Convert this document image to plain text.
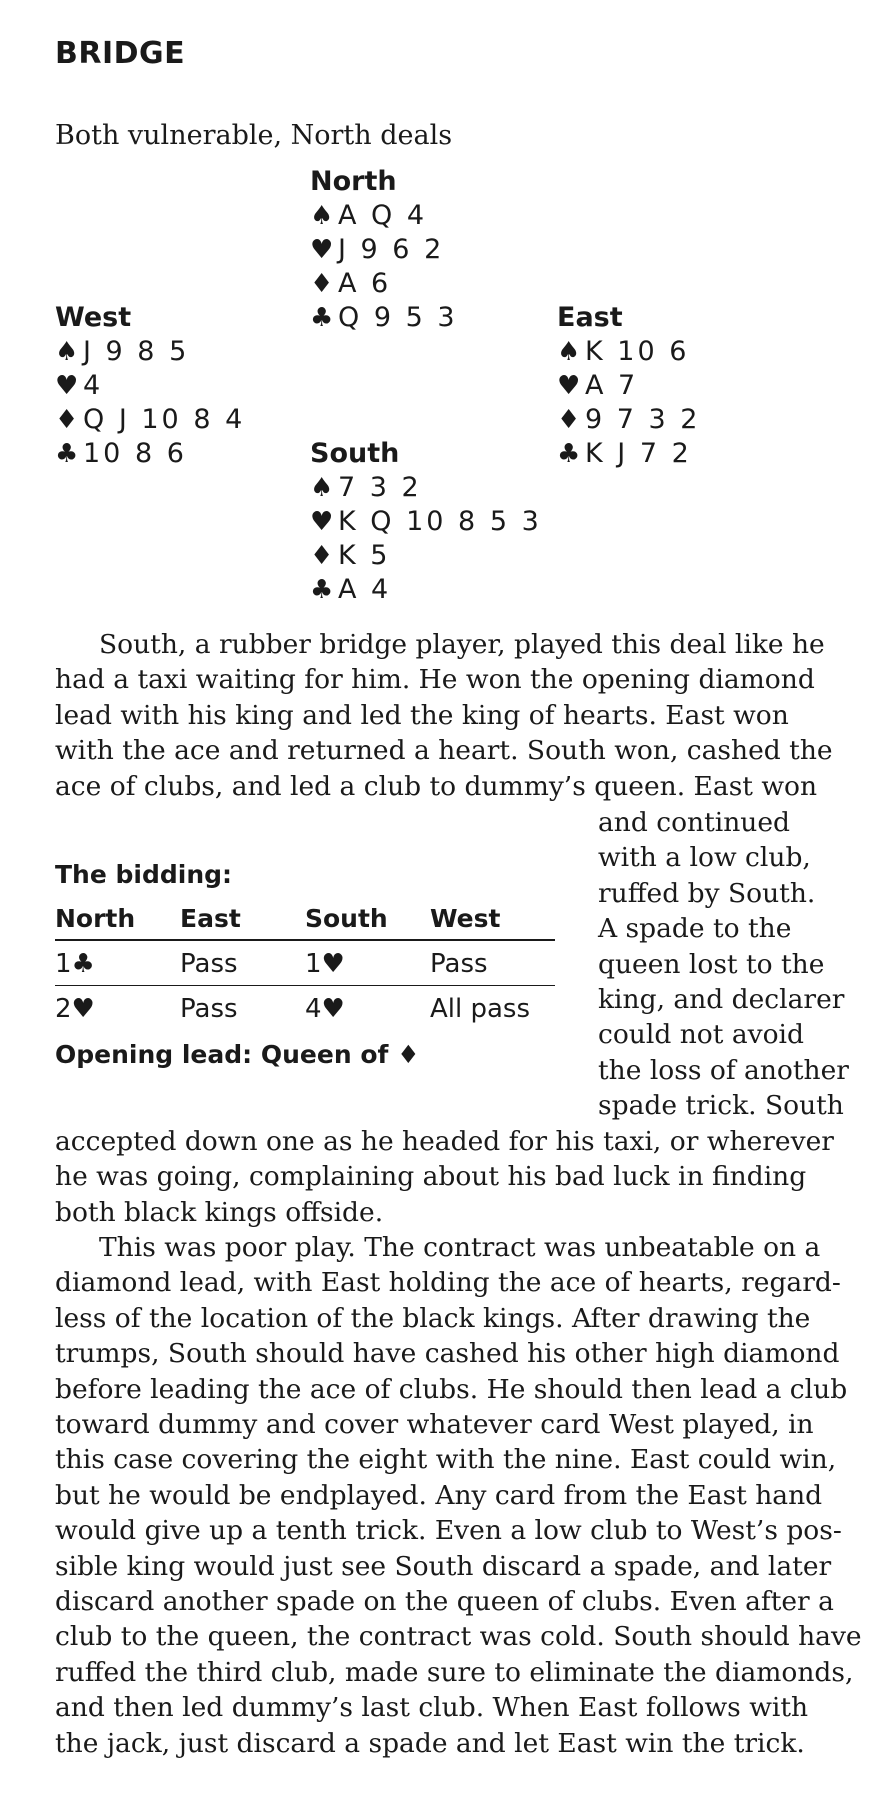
BRIDGE
Both vulnerable, North deals
North
♠ A Q 4
♥ J 9 6 2
♦ A 6
♣ Q 9 5 3
West
♠ J 9 8 5
♥ 4
♦ Q J 10 8 4
♣ 10 8 6
East
♠ K 10 6
♥ A 7
♦ 9 7 3 2
♣ K J 7 2
South
♠ 7 3 2
♥ K Q 10 8 5 3
♦ K 5
♣ A 4
South, a rubber bridge player, played this deal like he
had a taxi waiting for him. He won the opening diamond
lead with his king and led the king of hearts. East won
with the ace and returned a heart. South won, cashed the
ace of clubs, and led a club to dummy’s queen. East won
and continued
with a low club,
ruffed by South.
A spade to the
queen lost to the
king, and declarer
could not avoid
the loss of another
spade trick. South
The bidding:
North	East	South	West
1♣	Pass	1♥	Pass
2♥	Pass	4♥	All pass
Opening lead: Queen of ♦
accepted down one as he headed for his taxi, or wherever
he was going, complaining about his bad luck in finding
both black kings offside.
This was poor play. The contract was unbeatable on a
diamond lead, with East holding the ace of hearts, regard-
less of the location of the black kings. After drawing the
trumps, South should have cashed his other high diamond
before leading the ace of clubs. He should then lead a club
toward dummy and cover whatever card West played, in
this case covering the eight with the nine. East could win,
but he would be endplayed. Any card from the East hand
would give up a tenth trick. Even a low club to West’s pos-
sible king would just see South discard a spade, and later
discard another spade on the queen of clubs. Even after a
club to the queen, the contract was cold. South should have
ruffed the third club, made sure to eliminate the diamonds,
and then led dummy’s last club. When East follows with
the jack, just discard a spade and let East win the trick.
